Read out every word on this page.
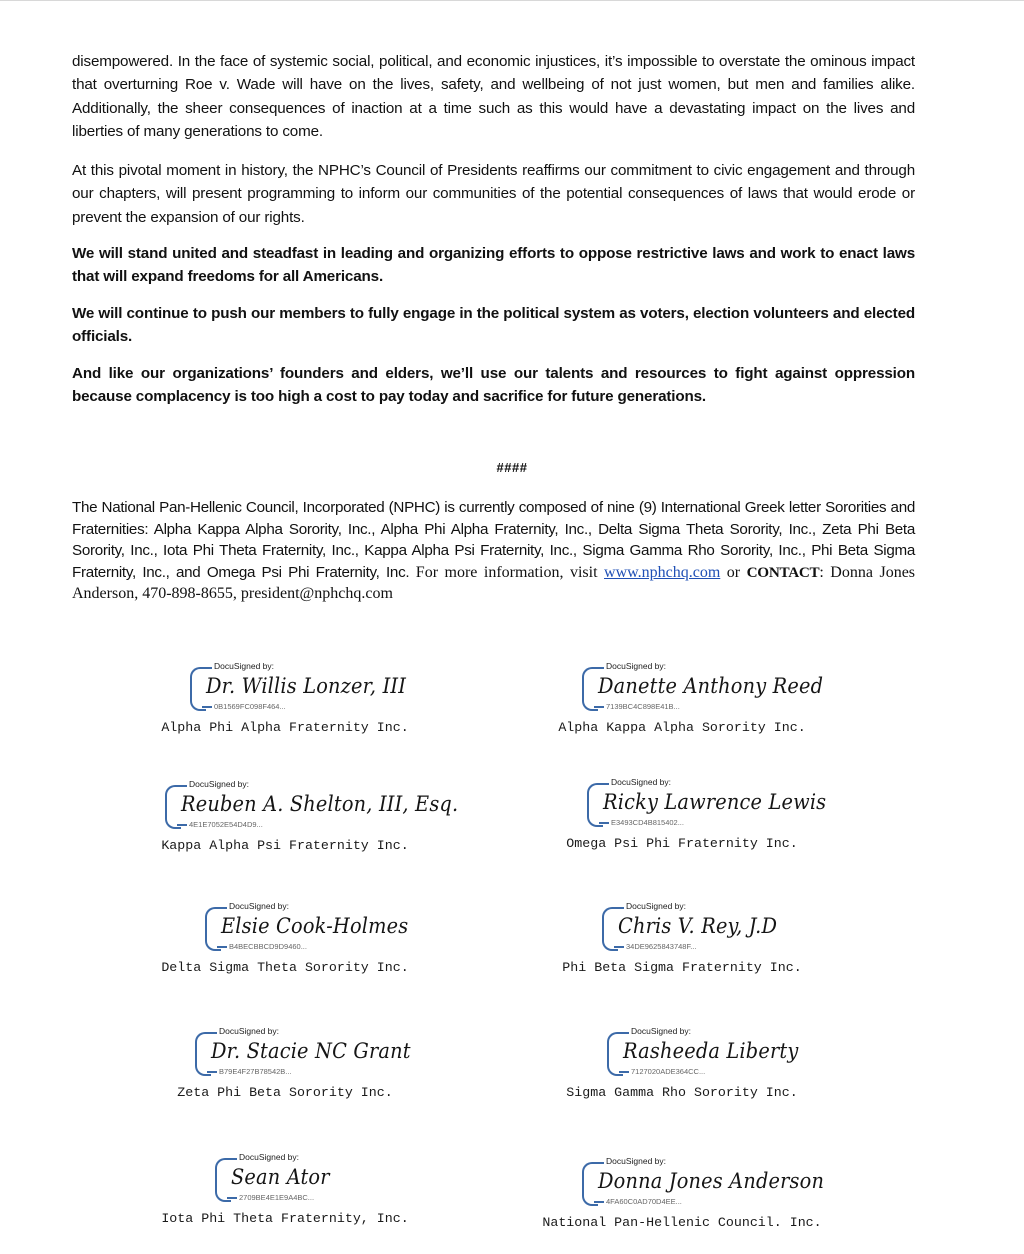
disempowered. In the face of systemic social, political, and economic injustices, it’s impossible to overstate the ominous impact that overturning Roe v. Wade will have on the lives, safety, and wellbeing of not just women, but men and families alike. Additionally, the sheer consequences of inaction at a time such as this would have a devastating impact on the lives and liberties of many generations to come.

At this pivotal moment in history, the NPHC’s Council of Presidents reaffirms our commitment to civic engagement and through our chapters, will present programming to inform our communities of the potential consequences of laws that would erode or prevent the expansion of our rights.

We will stand united and steadfast in leading and organizing efforts to oppose restrictive laws and work to enact laws that will expand freedoms for all Americans.

We will continue to push our members to fully engage in the political system as voters, election volunteers and elected officials.

And like our organizations’ founders and elders, we’ll use our talents and resources to fight against oppression because complacency is too high a cost to pay today and sacrifice for future generations.

####
The National Pan-Hellenic Council, Incorporated (NPHC) is currently composed of nine (9) International Greek letter Sororities and Fraternities: Alpha Kappa Alpha Sorority, Inc., Alpha Phi Alpha Fraternity, Inc., Delta Sigma Theta Sorority, Inc., Zeta Phi Beta Sorority, Inc., Iota Phi Theta Fraternity, Inc., Kappa Alpha Psi Fraternity, Inc., Sigma Gamma Rho Sorority, Inc., Phi Beta Sigma Fraternity, Inc., and Omega Psi Phi Fraternity, Inc. For more information, visit www.nphchq.com or CONTACT: Donna Jones Anderson, 470-898-8655, president@nphchq.com
DocuSigned by:
Dr. Willis Lonzer, III
0B1569FC098F464...
Alpha Phi Alpha Fraternity Inc.
DocuSigned by:
Danette Anthony Reed
7139BC4C898E41B...
Alpha Kappa Alpha Sorority Inc.
DocuSigned by:
Reuben A. Shelton, III, Esq.
4E1E7052E54D4D9...
Kappa Alpha Psi Fraternity Inc.
DocuSigned by:
Ricky Lawrence Lewis
E3493CD4B815402...
Omega Psi Phi Fraternity Inc.
DocuSigned by:
Elsie Cook-Holmes
B4BECBBCD9D9460...
Delta Sigma Theta Sorority Inc.
DocuSigned by:
Chris V. Rey, J.D
34DE9625843748F...
Phi Beta Sigma Fraternity Inc.
DocuSigned by:
Dr. Stacie NC Grant
B79E4F27B78542B...
Zeta Phi Beta Sorority Inc.
DocuSigned by:
Rasheeda Liberty
7127020ADE364CC...
Sigma Gamma Rho Sorority Inc.
DocuSigned by:
Sean Ator
2709BE4E1E9A4BC...
Iota Phi Theta Fraternity, Inc.
DocuSigned by:
Donna Jones Anderson
4FA60C0AD70D4EE...
National Pan-Hellenic Council. Inc.
